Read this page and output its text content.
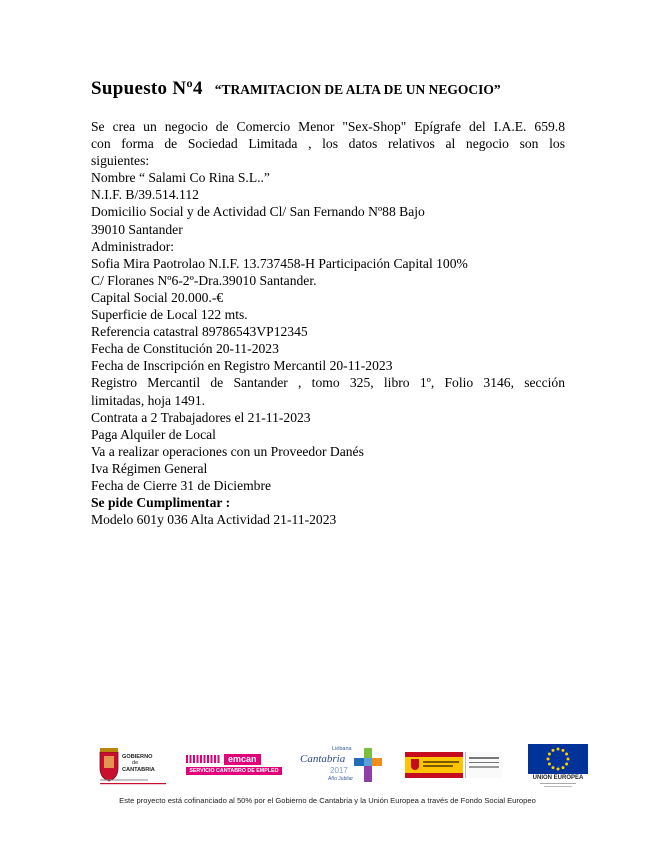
Supuesto Nº4 “TRAMITACION DE ALTA DE UN NEGOCIO”
Se crea un negocio de Comercio Menor "Sex-Shop" Epígrafe del I.A.E. 659.8
con forma de Sociedad Limitada , los datos relativos al negocio son los
siguientes:
Nombre “ Salami Co Rina S.L..”
N.I.F. B/39.514.112
Domicilio Social y de Actividad Cl/ San Fernando Nº88 Bajo
39010 Santander
Administrador:
Sofia Mira Paotrolao N.I.F. 13.737458-H Participación Capital 100%
C/ Floranes Nº6-2º-Dra.39010 Santander.
Capital Social 20.000.-€
Superficie de Local 122 mts.
Referencia catastral 89786543VP12345
Fecha de Constitución 20-11-2023
Fecha de Inscripción en Registro Mercantil 20-11-2023
Registro Mercantil de Santander , tomo 325, libro 1º, Folio 3146, sección
limitadas, hoja 1491.
Contrata a 2 Trabajadores el 21-11-2023
Paga Alquiler de Local
Va a realizar operaciones con un Proveedor Danés
Iva Régimen General
Fecha de Cierre 31 de Diciembre
Se pide Cumplimentar :
Modelo 601y 036 Alta Actividad 21-11-2023
GOBIERNO
de
CANTABRIA
emcan
SERVICIO CANTABRO DE EMPLEO
Liébana
Cantabria
2017
Año Jubilar	UNIÓN EUROPEA
Este proyecto está cofinanciado al 50% por el Gobierno de Cantabria y la Unión Europea a través de Fondo Social Europeo
